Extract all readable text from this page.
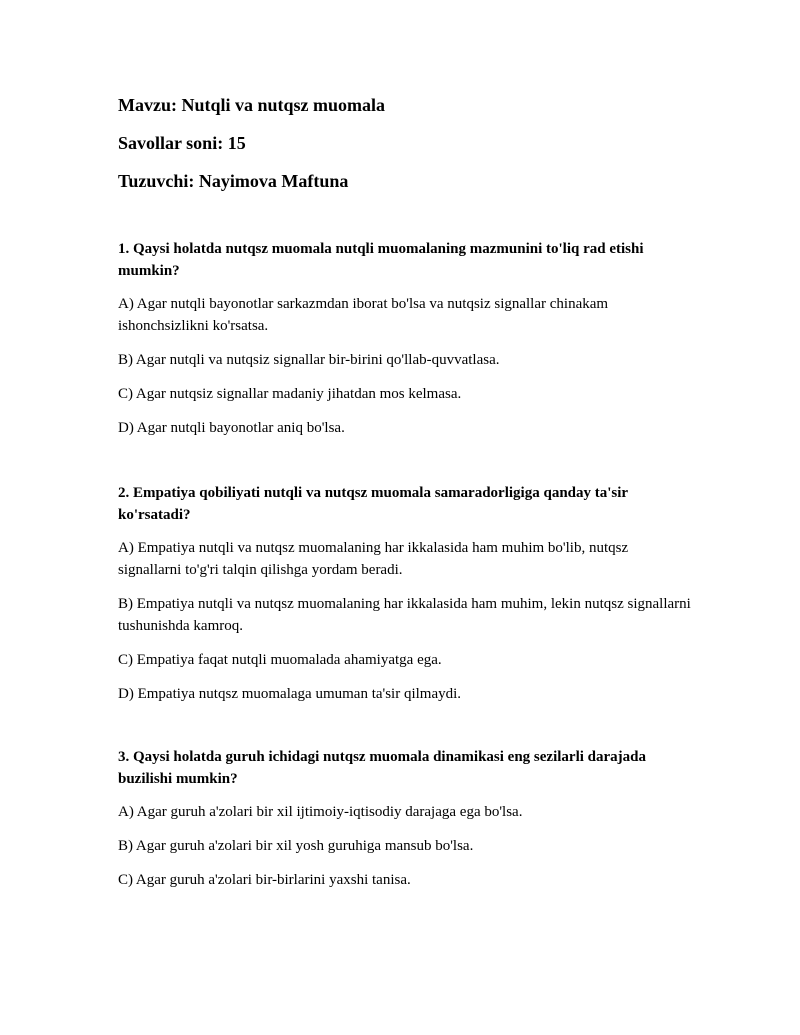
Mavzu: Nutqli va nutqsz muomala
Savollar soni: 15
Tuzuvchi: Nayimova Maftuna
1. Qaysi holatda nutqsz muomala nutqli muomalaning mazmunini to'liq rad etishi mumkin?
A) Agar nutqli bayonotlar sarkazmdan iborat bo'lsa va nutqsiz signallar chinakam ishonchsizlikni ko'rsatsa.
B) Agar nutqli va nutqsiz signallar bir-birini qo'llab-quvvatlasa.
C) Agar nutqsiz signallar madaniy jihatdan mos kelmasa.
D) Agar nutqli bayonotlar aniq bo'lsa.
2. Empatiya qobiliyati nutqli va nutqsz muomala samaradorligiga qanday ta'sir ko'rsatadi?
A) Empatiya nutqli va nutqsz muomalaning har ikkalasida ham muhim bo'lib, nutqsz signallarni to'g'ri talqin qilishga yordam beradi.
B) Empatiya nutqli va nutqsz muomalaning har ikkalasida ham muhim, lekin nutqsz signallarni tushunishda kamroq.
C) Empatiya faqat nutqli muomalada ahamiyatga ega.
D) Empatiya nutqsz muomalaga umuman ta'sir qilmaydi.
3. Qaysi holatda guruh ichidagi nutqsz muomala dinamikasi eng sezilarli darajada buzilishi mumkin?
A) Agar guruh a'zolari bir xil ijtimoiy-iqtisodiy darajaga ega bo'lsa.
B) Agar guruh a'zolari bir xil yosh guruhiga mansub bo'lsa.
C) Agar guruh a'zolari bir-birlarini yaxshi tanisa.
